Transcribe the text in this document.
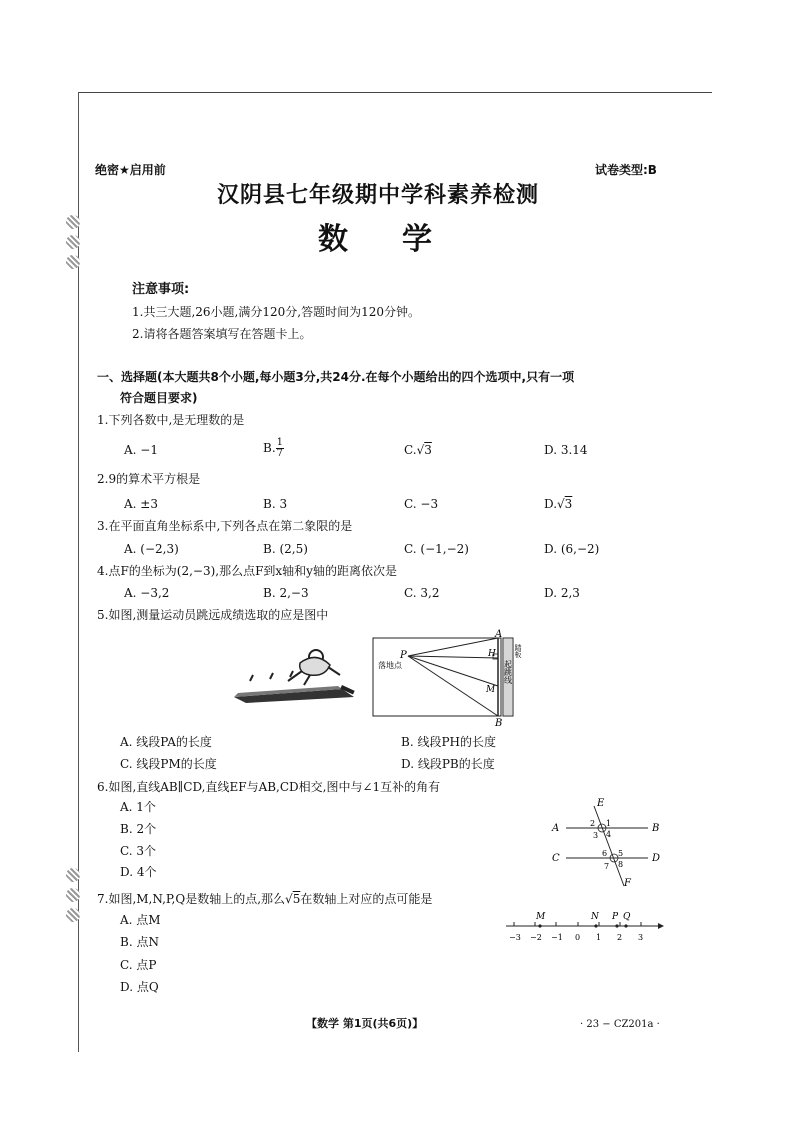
绝密★启用前	试卷类型:B
汉阴县七年级期中学科素养检测
数学
注意事项:
1.共三大题,26小题,满分120分,答题时间为120分钟。
2.请将各题答案填写在答题卡上。
一、选择题(本大题共8个小题,每小题3分,共24分.在每个小题给出的四个选项中,只有一项
符合题目要求)
1.下列各数中,是无理数的是
A. −1	B. $\frac{1}{7}$	C.√3	D. 3.14
2.9的算术平方根是
A. ±3	B. 3	C. −3	D.√3
3.在平面直角坐标系中,下列各点在第二象限的是
A. (−2,3)	B. (2,5)	C. (−1,−2)	D. (6,−2)
4.点F的坐标为(2,−3),那么点F到x轴和y轴的距离依次是
A. −3,2	B. 2,−3	C. 3,2	D. 2,3
5.如图,测量运动员跳远成绩选取的应是图中
A
B
P	H
M
落地点	起跳线
踏板
A. 线段PA的长度	B. 线段PH的长度
C. 线段PM的长度	D. 线段PB的长度
6.如图,直线AB∥CD,直线EF与AB,CD相交,图中与∠1互补的角有
A. 1个
B. 2个
C. 3个
D. 4个
A	B
C	D
E
F
1
2
3 4
5
6
7 8
7.如图,M,N,P,Q是数轴上的点,那么√5在数轴上对应的点可能是
A. 点M
B. 点N
C. 点P
D. 点Q
−3 −2 −1 0 1 2 3
M	N P Q
【数学 第1页(共6页)】	· 23 − CZ201a ·
